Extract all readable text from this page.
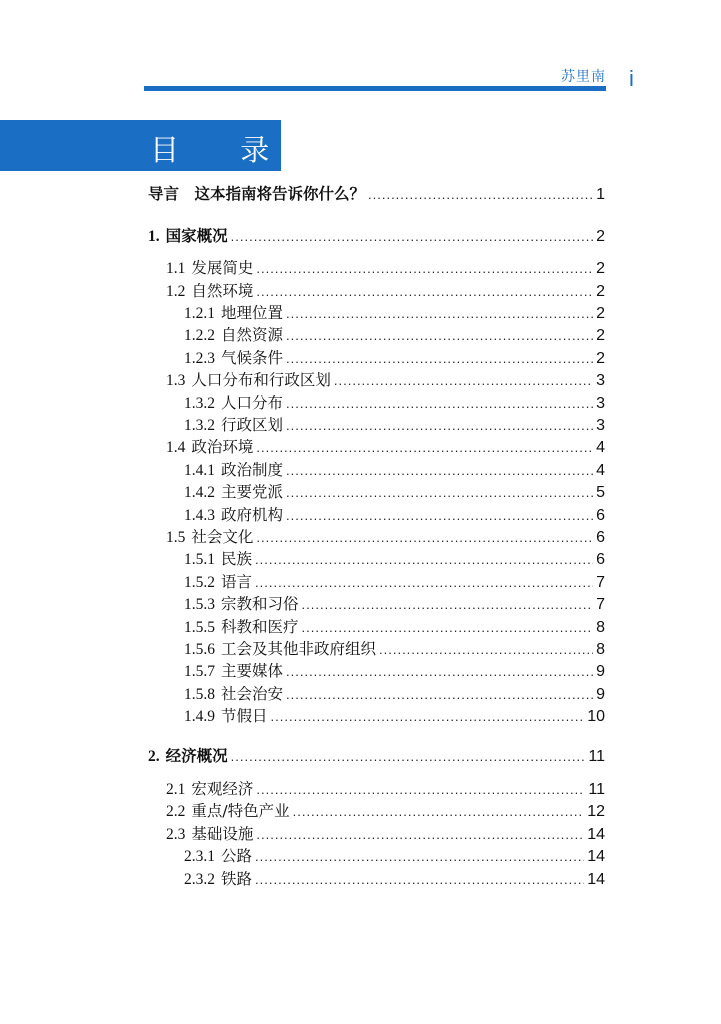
苏里南 i
目 录
导言　这本指南将告诉你什么？ .....	1
1. 国家概况 .....	2
1.1 发展简史 .....	2
1.2 自然环境 .....	2
1.2.1 地理位置 .....	2
1.2.2 自然资源 .....	2
1.2.3 气候条件 .....	2
1.3 人口分布和行政区划 .....	3
1.3.2 人口分布 .....	3
1.3.2 行政区划 .....	3
1.4 政治环境 .....	4
1.4.1 政治制度 .....	4
1.4.2 主要党派 .....	5
1.4.3 政府机构 .....	6
1.5 社会文化 .....	6
1.5.1 民族 .....	6
1.5.2 语言 .....	7
1.5.3 宗教和习俗 .....	7
1.5.5 科教和医疗 .....	8
1.5.6 工会及其他非政府组织 .....	8
1.5.7 主要媒体 .....	9
1.5.8 社会治安 .....	9
1.4.9 节假日 .....	10
2. 经济概况 .....	11
2.1 宏观经济 .....	11
2.2 重点/特色产业 .....	12
2.3 基础设施 .....	14
2.3.1 公路 .....	14
2.3.2 铁路 .....	14
